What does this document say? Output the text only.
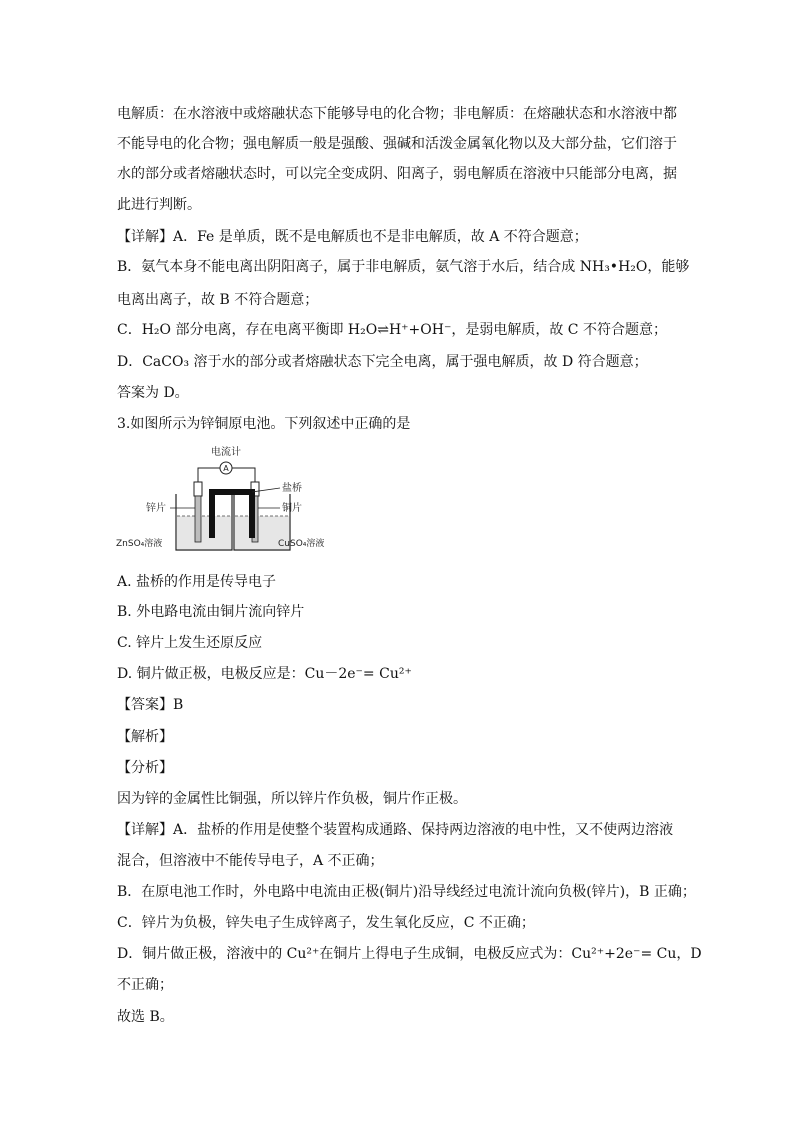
电解质：在水溶液中或熔融状态下能够导电的化合物；非电解质：在熔融状态和水溶液中都

不能导电的化合物；强电解质一般是强酸、强碱和活泼金属氧化物以及大部分盐，它们溶于

水的部分或者熔融状态时，可以完全变成阴、阳离子，弱电解质在溶液中只能部分电离，据

此进行判断。

【详解】A．Fe 是单质，既不是电解质也不是非电解质，故 A 不符合题意；

B．氨气本身不能电离出阴阳离子，属于非电解质，氨气溶于水后，结合成 NH₃•H₂O，能够

电离出离子，故 B 不符合题意；

C．H₂O 部分电离，存在电离平衡即 H₂O⇌H⁺+OH⁻，是弱电解质，故 C 不符合题意；

D．CaCO₃ 溶于水的部分或者熔融状态下完全电离，属于强电解质，故 D 符合题意；

答案为 D。

3.如图所示为锌铜原电池。下列叙述中正确的是

A
电流计
盐桥
铜片
锌片
ZnSO₄溶液	CuSO₄溶液

A. 盐桥的作用是传导电子

B. 外电路电流由铜片流向锌片

C. 锌片上发生还原反应

D. 铜片做正极，电极反应是：Cu－2e⁻= Cu²⁺

【答案】B

【解析】

【分析】

因为锌的金属性比铜强，所以锌片作负极，铜片作正极。

【详解】A．盐桥的作用是使整个装置构成通路、保持两边溶液的电中性，又不使两边溶液

混合，但溶液中不能传导电子，A 不正确；

B．在原电池工作时，外电路中电流由正极(铜片)沿导线经过电流计流向负极(锌片)，B 正确；

C．锌片为负极，锌失电子生成锌离子，发生氧化反应，C 不正确；

D．铜片做正极，溶液中的 Cu²⁺在铜片上得电子生成铜，电极反应式为：Cu²⁺+2e⁻= Cu，D

不正确；

故选 B。
